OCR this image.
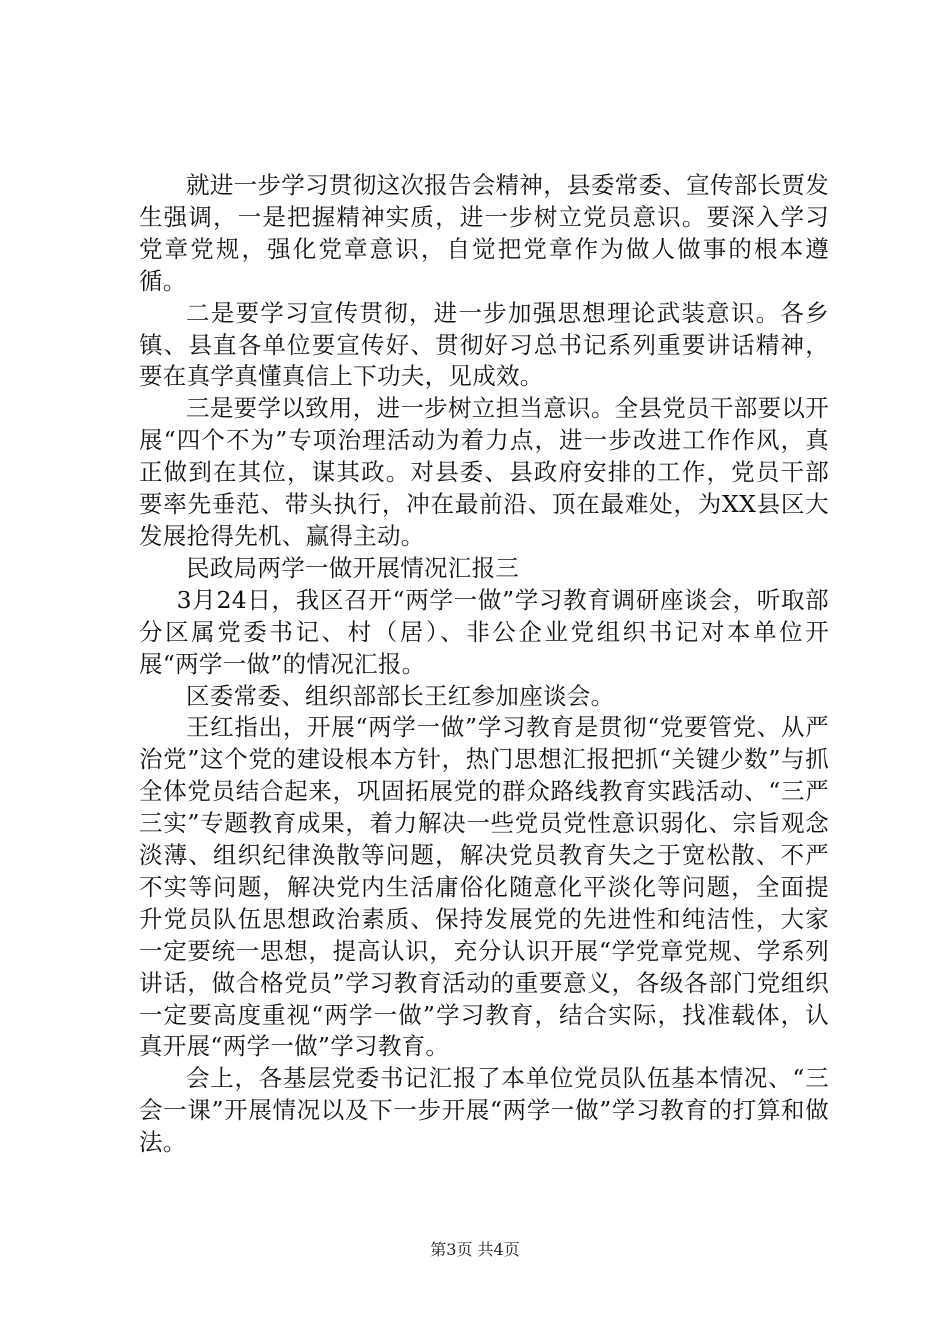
就进一步学习贯彻这次报告会精神，县委常委、宣传部长贾发生强调，一是把握精神实质，进一步树立党员意识。要深入学习党章党规，强化党章意识，自觉把党章作为做人做事的根本遵循。

二是要学习宣传贯彻，进一步加强思想理论武装意识。各乡镇、县直各单位要宣传好、贯彻好习总书记系列重要讲话精神，要在真学真懂真信上下功夫，见成效。

三是要学以致用，进一步树立担当意识。全县党员干部要以开展“四个不为”专项治理活动为着力点，进一步改进工作作风，真正做到在其位，谋其政。对县委、县政府安排的工作，党员干部要率先垂范、带头执行，冲在最前沿、顶在最难处，为XX县区大发展抢得先机、赢得主动。

民政局两学一做开展情况汇报三

3月24日，我区召开“两学一做”学习教育调研座谈会，听取部分区属党委书记、村（居）、非公企业党组织书记对本单位开展“两学一做”的情况汇报。

区委常委、组织部部长王红参加座谈会。

王红指出，开展“两学一做”学习教育是贯彻“党要管党、从严治党”这个党的建设根本方针，热门思想汇报把抓“关键少数”与抓全体党员结合起来，巩固拓展党的群众路线教育实践活动、“三严三实”专题教育成果，着力解决一些党员党性意识弱化、宗旨观念淡薄、组织纪律涣散等问题，解决党员教育失之于宽松散、不严不实等问题，解决党内生活庸俗化随意化平淡化等问题，全面提升党员队伍思想政治素质、保持发展党的先进性和纯洁性，大家一定要统一思想，提高认识，充分认识开展“学党章党规、学系列讲话，做合格党员”学习教育活动的重要意义，各级各部门党组织一定要高度重视“两学一做”学习教育，结合实际，找准载体，认真开展“两学一做”学习教育。

会上，各基层党委书记汇报了本单位党员队伍基本情况、“三会一课”开展情况以及下一步开展“两学一做”学习教育的打算和做法。

第3页 共4页
